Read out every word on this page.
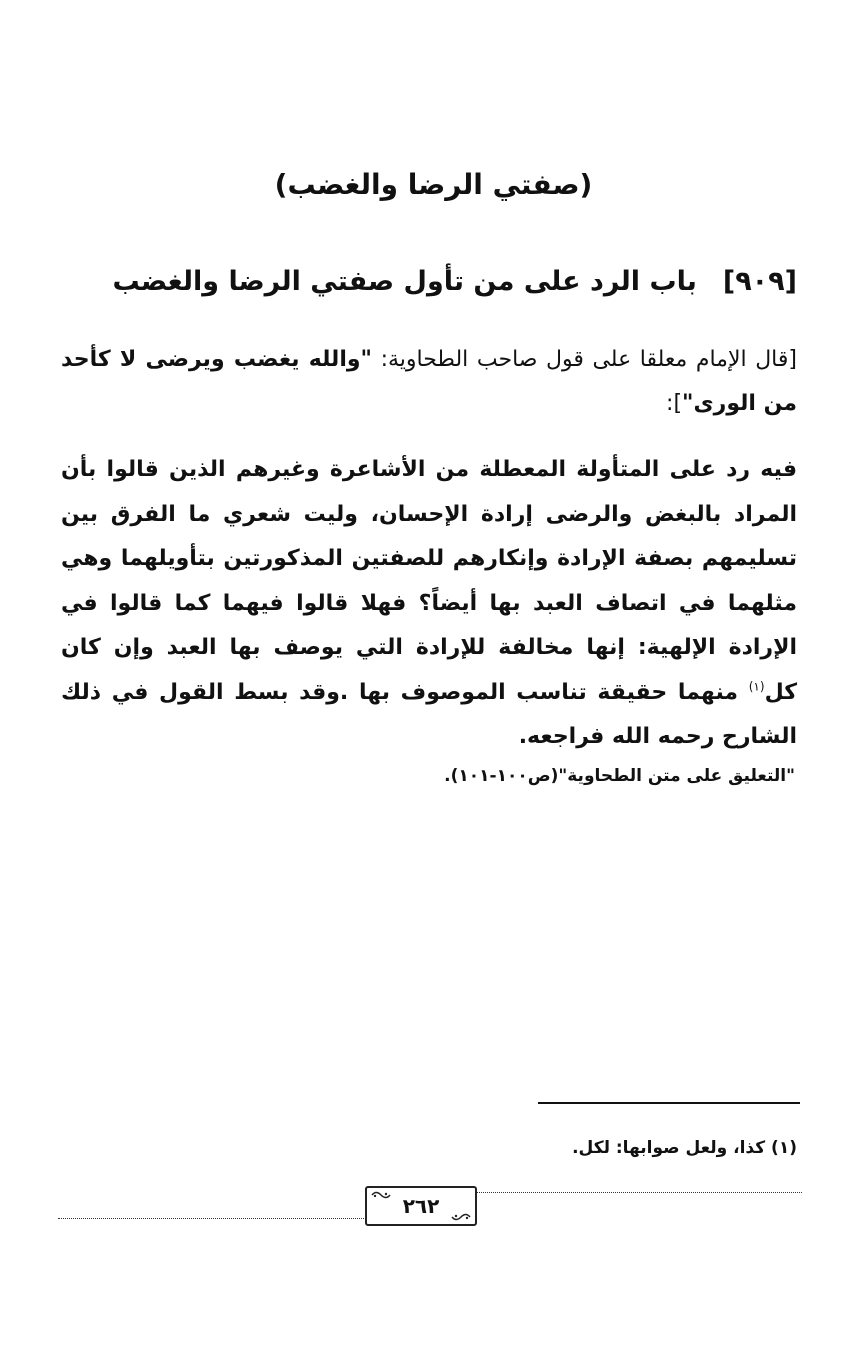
(صفتي الرضا والغضب)
[٩٠٩]باب الرد على من تأول صفتي الرضا والغضب
[قال الإمام معلقا على قول صاحب الطحاوية: "والله يغضب ويرضى لا كأحد من الورى"]:
فيه رد على المتأولة المعطلة من الأشاعرة وغيرهم الذين قالوا بأن المراد بالبغض والرضى إرادة الإحسان، وليت شعري ما الفرق بين تسليمهم بصفة الإرادة وإنكارهم للصفتين المذكورتين بتأويلهما وهي مثلهما في اتصاف العبد بها أيضاً؟ فهلا قالوا فيهما كما قالوا في الإرادة الإلهية: إنها مخالفة للإرادة التي يوصف بها العبد وإن كان كل$^{(١)}$ منهما حقيقة تناسب الموصوف بها .وقد بسط القول في ذلك الشارح رحمه الله فراجعه.
"التعليق على متن الطحاوية"(ص١٠٠-١٠١).
(١) كذا، ولعل صوابها: لكل.
٢٦٢
